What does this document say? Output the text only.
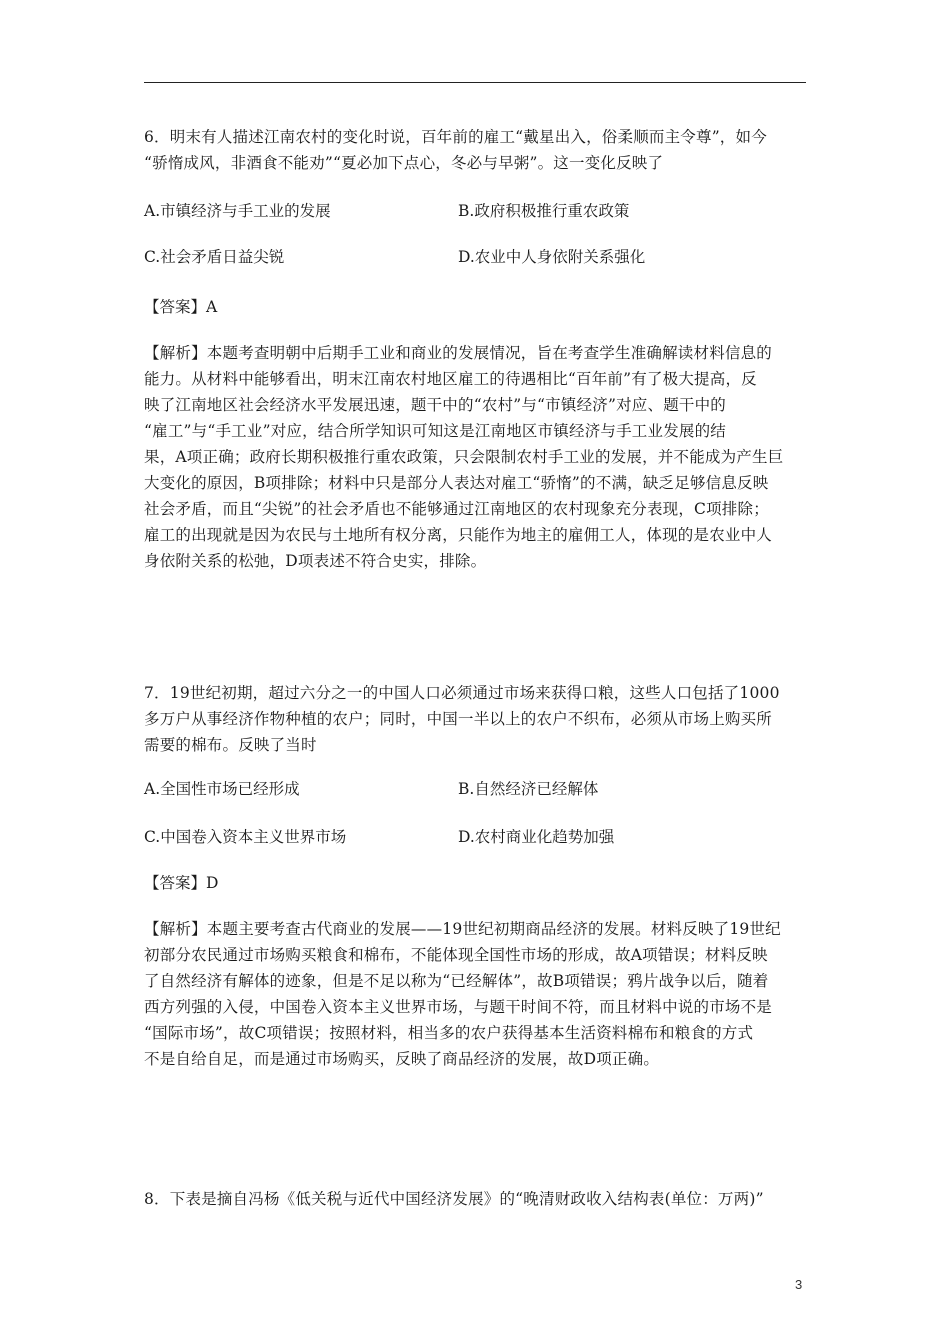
6．明末有人描述江南农村的变化时说，百年前的雇工“戴星出入，俗柔顺而主令尊”，如今
“骄惰成风，非酒食不能劝”“夏必加下点心，冬必与早粥”。这一变化反映了
A.市镇经济与手工业的发展	B.政府积极推行重农政策
C.社会矛盾日益尖锐	D.农业中人身依附关系强化
【答案】A
【解析】本题考查明朝中后期手工业和商业的发展情况，旨在考查学生准确解读材料信息的
能力。从材料中能够看出，明末江南农村地区雇工的待遇相比“百年前”有了极大提高，反
映了江南地区社会经济水平发展迅速，题干中的“农村”与“市镇经济”对应、题干中的
“雇工”与“手工业”对应，结合所学知识可知这是江南地区市镇经济与手工业发展的结
果，A项正确；政府长期积极推行重农政策，只会限制农村手工业的发展，并不能成为产生巨
大变化的原因，B项排除；材料中只是部分人表达对雇工“骄惰”的不满，缺乏足够信息反映
社会矛盾，而且“尖锐”的社会矛盾也不能够通过江南地区的农村现象充分表现，C项排除；
雇工的出现就是因为农民与土地所有权分离，只能作为地主的雇佣工人，体现的是农业中人
身依附关系的松弛，D项表述不符合史实，排除。
7．19世纪初期，超过六分之一的中国人口必须通过市场来获得口粮，这些人口包括了1000
多万户从事经济作物种植的农户；同时，中国一半以上的农户不织布，必须从市场上购买所
需要的棉布。反映了当时
A.全国性市场已经形成	B.自然经济已经解体
C.中国卷入资本主义世界市场	D.农村商业化趋势加强
【答案】D
【解析】本题主要考查古代商业的发展——19世纪初期商品经济的发展。材料反映了19世纪
初部分农民通过市场购买粮食和棉布，不能体现全国性市场的形成，故A项错误；材料反映
了自然经济有解体的迹象，但是不足以称为“已经解体”，故B项错误；鸦片战争以后，随着
西方列强的入侵，中国卷入资本主义世界市场，与题干时间不符，而且材料中说的市场不是
“国际市场”，故C项错误；按照材料，相当多的农户获得基本生活资料棉布和粮食的方式
不是自给自足，而是通过市场购买，反映了商品经济的发展，故D项正确。
8．下表是摘自冯杨《低关税与近代中国经济发展》的“晚清财政收入结构表(单位：万两)”
3
